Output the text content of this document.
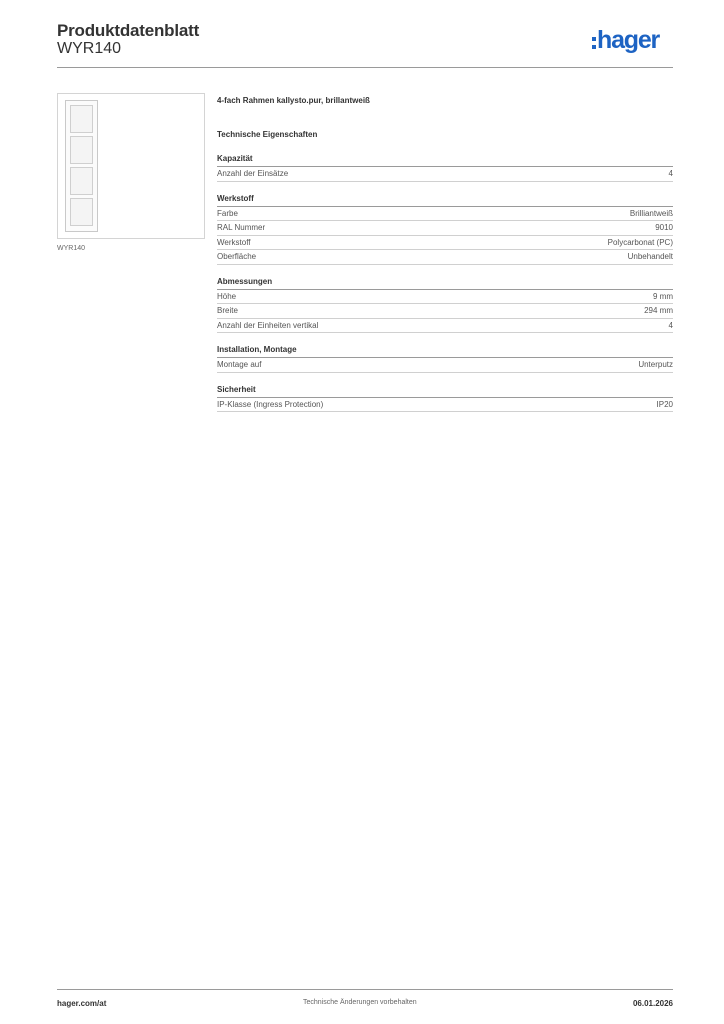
Produktdatenblatt
WYR140	hager
WYR140
4-fach Rahmen kallysto.pur, brillantweiß
Technische Eigenschaften
Kapazität
Anzahl der Einsätze	4
Werkstoff
Farbe	Brilliantweiß
RAL Nummer	9010
Werkstoff	Polycarbonat (PC)
Oberfläche	Unbehandelt
Abmessungen
Höhe	9 mm
Breite	294 mm
Anzahl der Einheiten vertikal	4
Installation, Montage
Montage auf	Unterputz
Sicherheit
IP-Klasse (Ingress Protection)	IP20
hager.com/at	Technische Änderungen vorbehalten	06.01.2026
